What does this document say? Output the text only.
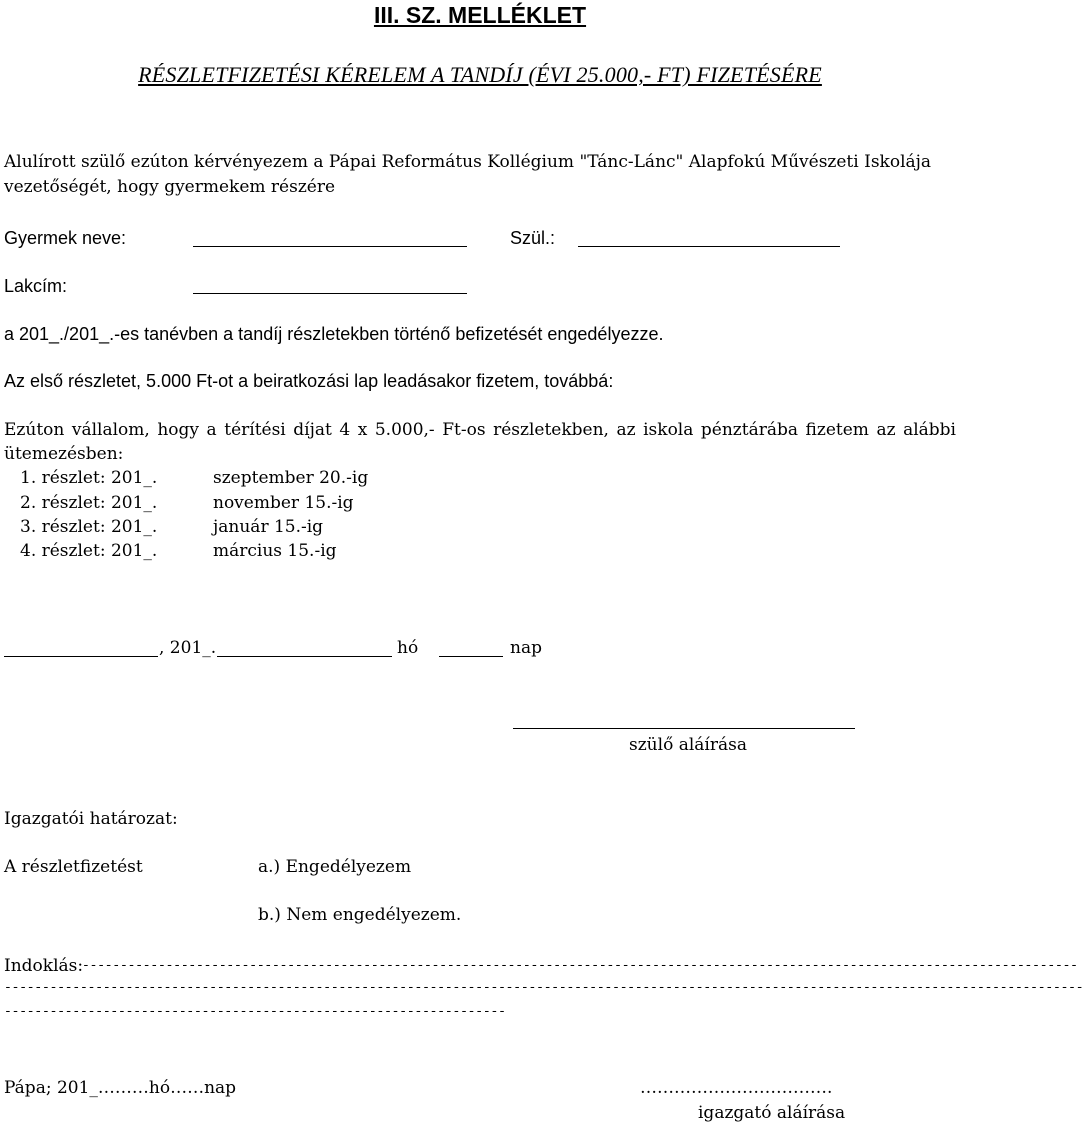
III. SZ. MELLÉKLET
RÉSZLETFIZETÉSI KÉRELEM A TANDÍJ (ÉVI 25.000,- FT) FIZETÉSÉRE
Alulírott szülő ezúton kérvényezem a Pápai Református Kollégium "Tánc-Lánc" Alapfokú Művészeti Iskolája
vezetőségét, hogy gyermekem részére
Gyermek neve:	Szül.:
Lakcím:
a 201_./201_.-es tanévben a tandíj részletekben történő befizetését engedélyezze.
Az első részletet, 5.000 Ft-ot a beiratkozási lap leadásakor fizetem, továbbá:
Ezúton vállalom, hogy a térítési díjat 4 x 5.000,- Ft-os részletekben, az iskola pénztárába fizetem az alábbi
ütemezésben:
1. részlet: 201_.	szeptember 20.-ig
2. részlet: 201_.	november 15.-ig
3. részlet: 201_.	január 15.-ig
4. részlet: 201_.	március 15.-ig
, 201_.	hó	nap
szülő aláírása
Igazgatói határozat:
A részletfizetést	a.) Engedélyezem
b.) Nem engedélyezem.
Indoklás:
-----------------------------------------------------------------------------------------------------------------------------------
----------------------------------------------------------------------------------------------------------------------------------------------
------------------------------------------------------------------
Pápa; 201_………hó……nap	…………………………….
igazgató aláírása
